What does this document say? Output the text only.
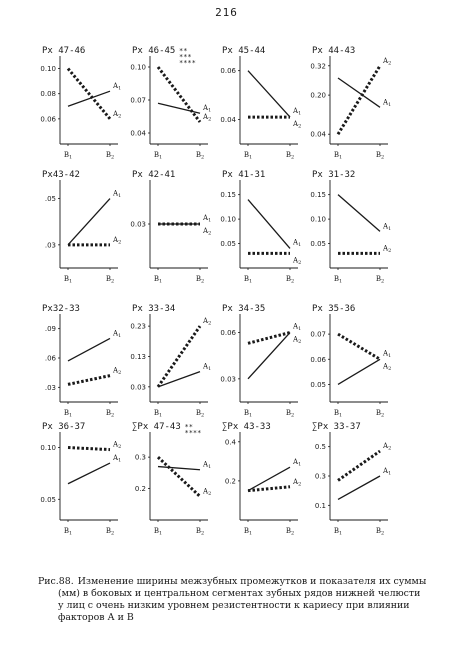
216
Px 47-46
0.10
0.08
0.06
$B_1$	$B_2$
$A_1$
$A_2$
Px 46-45 **
***
****
0.10
0.07
0.04
$B_1$	$B_2$
$A_1$
$A_2$
Px 45-44
0.06
0.04
$B_1$	$B_2$
$A_1$
$A_2$
Px 44-43
0.32
0.20
0.04
$B_1$	$B_2$
$A_1$
$A_2$
Px43-42
.05
.03
$B_1$	$B_2$
$A_1$
$A_2$
Px 42-41
0.03
$B_1$	$B_2$
$A_1$
$A_2$
Px 41-31
0.15
0.10
0.05
$B_1$	$B_2$
$A_1$
$A_2$
Px 31-32
0.15
0.10
0.05
$B_1$	$B_2$
$A_1$
$A_2$
Px32-33
.09
.06
.03
$B_1$	$B_2$
$A_1$
$A_2$
Px 33-34
0.23
0.13
0.03
$B_1$	$B_2$
$A_1$
$A_2$
Px 34-35
0.06
0.03
$B_1$	$B_2$
$A_1$
$A_2$
Px 35-36
0.07
0.06
0.05
$B_1$	$B_2$
$A_1$
$A_2$
Px 36-37
0.10
0.05
$B_1$	$B_2$
$A_1$
$A_2$
∑Px 47-43 **
****
0.3
0.2
$B_1$	$B_2$
$A_1$
$A_2$
∑Px 43-33
0.4
0.2
$B_1$	$B_2$
$A_1$
$A_2$
∑Px 33-37
0.5
0.3
0.1
$B_1$	$B_2$
$A_1$
$A_2$
Рис.88. Изменение ширины межзубных промежутков и показателя их суммы
(мм) в боковых и центральном сегментах зубных рядов нижней челюсти
у лиц с очень низким уровнем резистентности к кариесу при влиянии
факторов А и В
